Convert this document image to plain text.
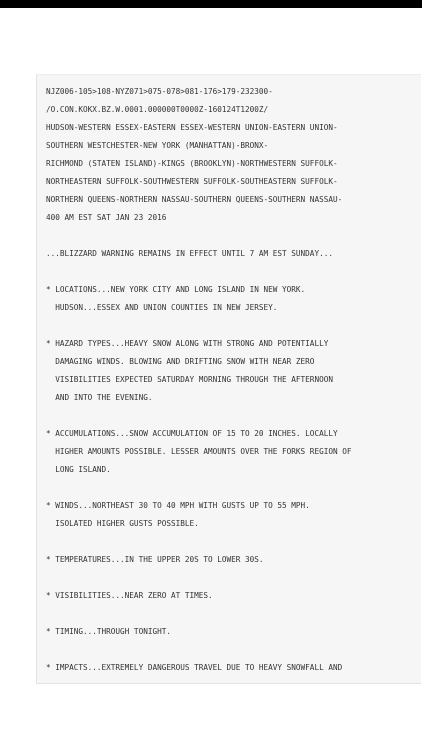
NJZ006-105>108-NYZ071>075-078>081-176>179-232300-
/O.CON.KOKX.BZ.W.0001.000000T0000Z-160124T1200Z/
HUDSON-WESTERN ESSEX-EASTERN ESSEX-WESTERN UNION-EASTERN UNION-
SOUTHERN WESTCHESTER-NEW YORK (MANHATTAN)-BRONX-
RICHMOND (STATEN ISLAND)-KINGS (BROOKLYN)-NORTHWESTERN SUFFOLK-
NORTHEASTERN SUFFOLK-SOUTHWESTERN SUFFOLK-SOUTHEASTERN SUFFOLK-
NORTHERN QUEENS-NORTHERN NASSAU-SOUTHERN QUEENS-SOUTHERN NASSAU-
400 AM EST SAT JAN 23 2016

...BLIZZARD WARNING REMAINS IN EFFECT UNTIL 7 AM EST SUNDAY...

* LOCATIONS...NEW YORK CITY AND LONG ISLAND IN NEW YORK.
HUDSON...ESSEX AND UNION COUNTIES IN NEW JERSEY.

* HAZARD TYPES...HEAVY SNOW ALONG WITH STRONG AND POTENTIALLY
DAMAGING WINDS. BLOWING AND DRIFTING SNOW WITH NEAR ZERO
VISIBILITIES EXPECTED SATURDAY MORNING THROUGH THE AFTERNOON
AND INTO THE EVENING.

* ACCUMULATIONS...SNOW ACCUMULATION OF 15 TO 20 INCHES. LOCALLY
HIGHER AMOUNTS POSSIBLE. LESSER AMOUNTS OVER THE FORKS REGION OF
LONG ISLAND.

* WINDS...NORTHEAST 30 TO 40 MPH WITH GUSTS UP TO 55 MPH.
ISOLATED HIGHER GUSTS POSSIBLE.

* TEMPERATURES...IN THE UPPER 20S TO LOWER 30S.

* VISIBILITIES...NEAR ZERO AT TIMES.

* TIMING...THROUGH TONIGHT.

* IMPACTS...EXTREMELY DANGEROUS TRAVEL DUE TO HEAVY SNOWFALL AND
